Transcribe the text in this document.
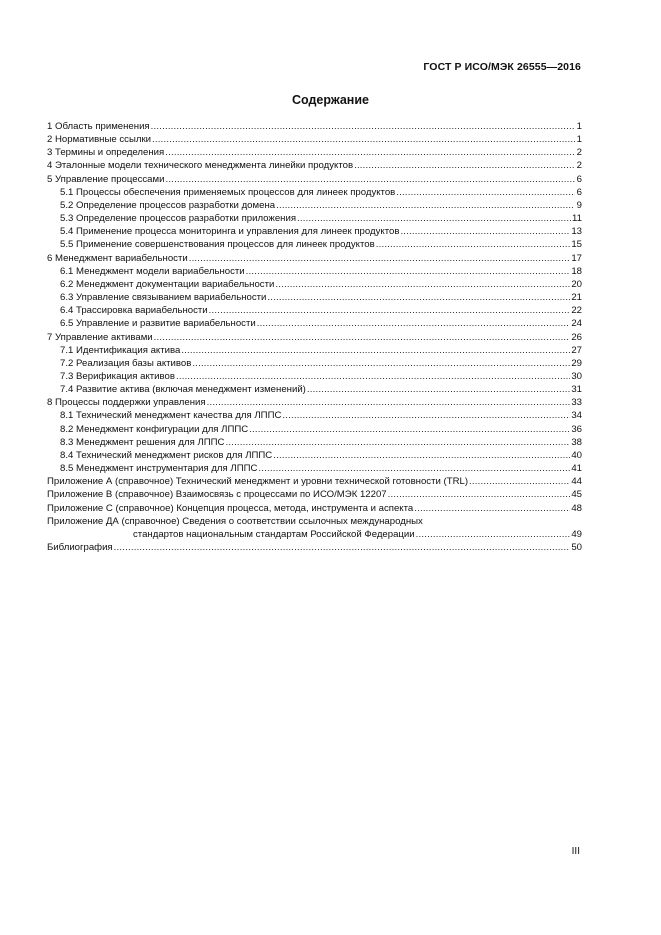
ГОСТ Р ИСО/МЭК 26555—2016
Содержание
1 Область применения .....	1
2 Нормативные ссылки .....	1
3 Термины и определения .....	2
4 Эталонные модели технического менеджмента линейки продуктов .....	2
5 Управление процессами .....	6
5.1 Процессы обеспечения применяемых процессов для линеек продуктов .....	6
5.2 Определение процессов разработки домена .....	9
5.3 Определение процессов разработки приложения .....	11
5.4 Применение процесса мониторинга и управления для линеек продуктов .....	13
5.5 Применение совершенствования процессов для линеек продуктов .....	15
6 Менеджмент вариабельности .....	17
6.1 Менеджмент модели вариабельности .....	18
6.2 Менеджмент документации вариабельности .....	20
6.3 Управление связыванием вариабельности .....	21
6.4 Трассировка вариабельности .....	22
6.5 Управление и развитие вариабельности .....	24
7 Управление активами .....	26
7.1 Идентификация актива .....	27
7.2 Реализация базы активов .....	29
7.3 Верификация активов .....	30
7.4 Развитие актива (включая менеджмент изменений) .....	31
8 Процессы поддержки управления .....	33
8.1 Технический менеджмент качества для ЛППС .....	34
8.2 Менеджмент конфигурации для ЛППС .....	36
8.3 Менеджмент решения для ЛППС .....	38
8.4 Технический менеджмент рисков для ЛППС .....	40
8.5 Менеджмент инструментария для ЛППС .....	41
Приложение А (справочное) Технический менеджмент и уровни технической готовности (TRL) .....	44
Приложение В (справочное) Взаимосвязь с процессами по ИСО/МЭК 12207 .....	45
Приложение С (справочное) Концепция процесса, метода, инструмента и аспекта .....	48
Приложение ДА (справочное) Сведения о соответствии ссылочных международных
стандартов национальным стандартам Российской Федерации .....	49
Библиография .....	50
III
